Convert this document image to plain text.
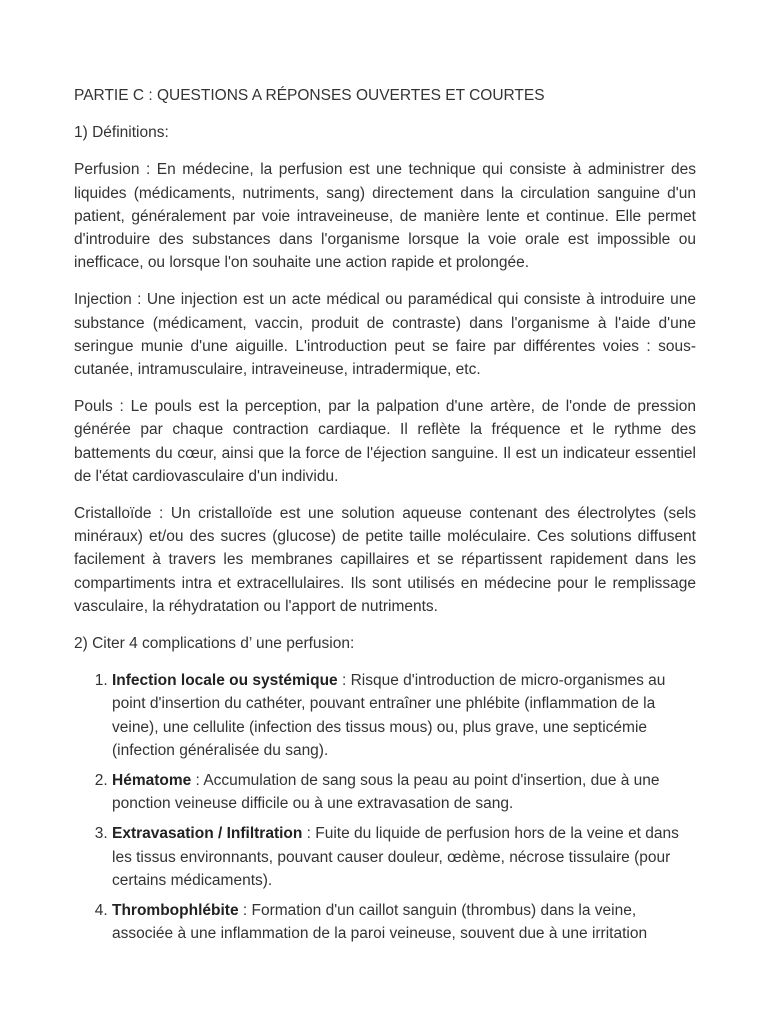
PARTIE C : QUESTIONS A RÉPONSES OUVERTES ET COURTES

1) Définitions:

Perfusion : En médecine, la perfusion est une technique qui consiste à administrer des liquides (médicaments, nutriments, sang) directement dans la circulation sanguine d'un patient, généralement par voie intraveineuse, de manière lente et continue. Elle permet d'introduire des substances dans l'organisme lorsque la voie orale est impossible ou inefficace, ou lorsque l'on souhaite une action rapide et prolongée.

Injection : Une injection est un acte médical ou paramédical qui consiste à introduire une substance (médicament, vaccin, produit de contraste) dans l'organisme à l'aide d'une seringue munie d'une aiguille. L'introduction peut se faire par différentes voies : sous-cutanée, intramusculaire, intraveineuse, intradermique, etc.

Pouls : Le pouls est la perception, par la palpation d'une artère, de l'onde de pression générée par chaque contraction cardiaque. Il reflète la fréquence et le rythme des battements du cœur, ainsi que la force de l'éjection sanguine. Il est un indicateur essentiel de l'état cardiovasculaire d'un individu.

Cristalloïde : Un cristalloïde est une solution aqueuse contenant des électrolytes (sels minéraux) et/ou des sucres (glucose) de petite taille moléculaire. Ces solutions diffusent facilement à travers les membranes capillaires et se répartissent rapidement dans les compartiments intra et extracellulaires. Ils sont utilisés en médecine pour le remplissage vasculaire, la réhydratation ou l'apport de nutriments.

2) Citer 4 complications d’ une perfusion:

1. Infection locale ou systémique : Risque d'introduction de micro-organismes au point d'insertion du cathéter, pouvant entraîner une phlébite (inflammation de la veine), une cellulite (infection des tissus mous) ou, plus grave, une septicémie (infection généralisée du sang).
2. Hématome : Accumulation de sang sous la peau au point d'insertion, due à une ponction veineuse difficile ou à une extravasation de sang.
3. Extravasation / Infiltration : Fuite du liquide de perfusion hors de la veine et dans les tissus environnants, pouvant causer douleur, œdème, nécrose tissulaire (pour certains médicaments).
4. Thrombophlébite : Formation d'un caillot sanguin (thrombus) dans la veine, associée à une inflammation de la paroi veineuse, souvent due à une irritation
